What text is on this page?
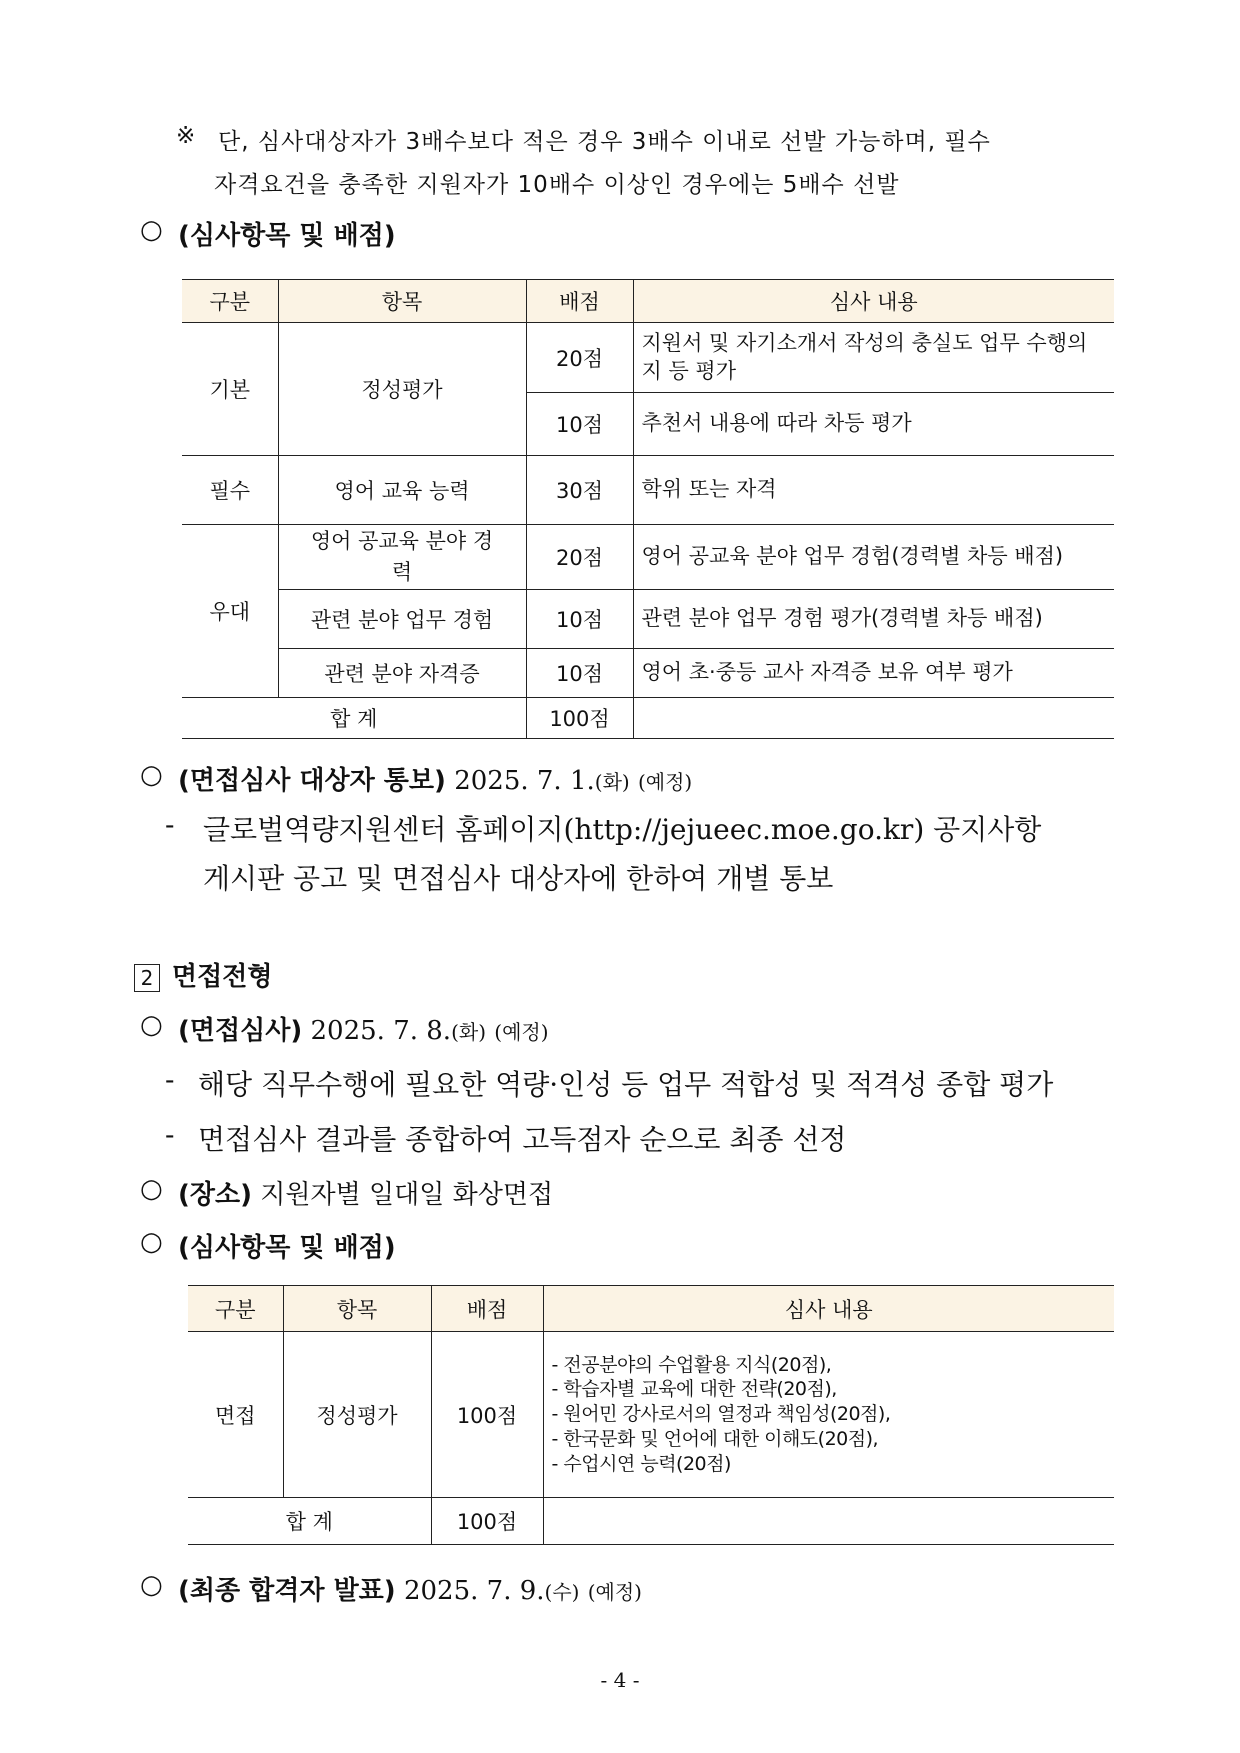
※ 단, 심사대상자가 3배수보다 적은 경우 3배수 이내로 선발 가능하며, 필수
자격요건을 충족한 지원자가 10배수 이상인 경우에는 5배수 선발
○ (심사항목 및 배점)
구분	항목	배점	심사 내용
기본	정성평가	20점	지원서 및 자기소개서 작성의 충실도 업무 수행의지 등 평가
		10점	추천서 내용에 따라 차등 평가
필수	영어 교육 능력	30점	학위 또는 자격
우대	영어 공교육 분야 경력	20점	영어 공교육 분야 업무 경험(경력별 차등 배점)
	관련 분야 업무 경험	10점	관련 분야 업무 경험 평가(경력별 차등 배점)
	관련 분야 자격증	10점	영어 초·중등 교사 자격증 보유 여부 평가
합 계		100점	
○ (면접심사 대상자 통보) 2025. 7. 1.(화) (예정)
- 글로벌역량지원센터 홈페이지(http://jejueec.moe.go.kr) 공지사항
게시판 공고 및 면접심사 대상자에 한하여 개별 통보
2 면접전형
○ (면접심사) 2025. 7. 8.(화) (예정)
- 해당 직무수행에 필요한 역량·인성 등 업무 적합성 및 적격성 종합 평가
- 면접심사 결과를 종합하여 고득점자 순으로 최종 선정
○ (장소) 지원자별 일대일 화상면접
○ (심사항목 및 배점)
구분	항목	배점	심사 내용
면접	정성평가	100점	- 전공분야의 수업활용 지식(20점),
- 학습자별 교육에 대한 전략(20점),
- 원어민 강사로서의 열정과 책임성(20점),
- 한국문화 및 언어에 대한 이해도(20점),
- 수업시연 능력(20점)

합 계		100점	
○ (최종 합격자 발표) 2025. 7. 9.(수) (예정)
- 4 -
